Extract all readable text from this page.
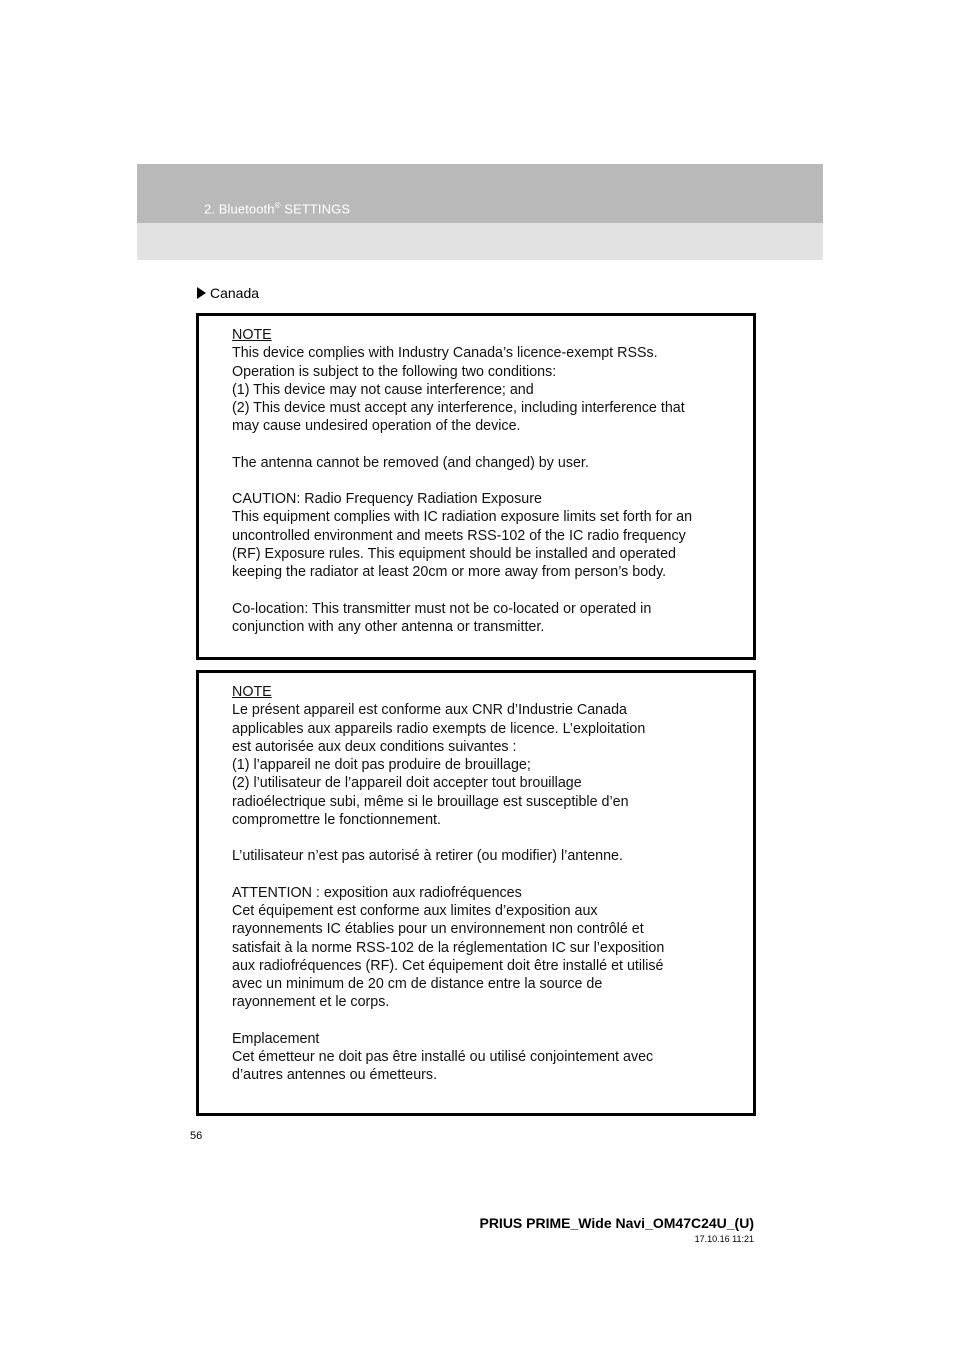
2. Bluetooth® SETTINGS
Canada

NOTE

This device complies with Industry Canada’s licence-exempt RSSs.
Operation is subject to the following two conditions:
(1) This device may not cause interference; and
(2) This device must accept any interference, including interference that
may cause undesired operation of the device.

The antenna cannot be removed (and changed) by user.

CAUTION: Radio Frequency Radiation Exposure
This equipment complies with IC radiation exposure limits set forth for an
uncontrolled environment and meets RSS-102 of the IC radio frequency
(RF) Exposure rules. This equipment should be installed and operated
keeping the radiator at least 20cm or more away from person’s body.

Co-location: This transmitter must not be co-located or operated in
conjunction with any other antenna or transmitter.

NOTE

Le présent appareil est conforme aux CNR d’Industrie Canada
applicables aux appareils radio exempts de licence. L’exploitation
est autorisée aux deux conditions suivantes :
(1) l’appareil ne doit pas produire de brouillage;
(2) l’utilisateur de l’appareil doit accepter tout brouillage
radioélectrique subi, même si le brouillage est susceptible d’en
compromettre le fonctionnement.

L’utilisateur n’est pas autorisé à retirer (ou modifier) l’antenne.

ATTENTION : exposition aux radiofréquences
Cet équipement est conforme aux limites d’exposition aux
rayonnements IC établies pour un environnement non contrôlé et
satisfait à la norme RSS-102 de la réglementation IC sur l’exposition
aux radiofréquences (RF). Cet équipement doit être installé et utilisé
avec un minimum de 20 cm de distance entre la source de
rayonnement et le corps.

Emplacement
Cet émetteur ne doit pas être installé ou utilisé conjointement avec
d’autres antennes ou émetteurs.

56
PRIUS PRIME_Wide Navi_OM47C24U_(U)
17.10.16 11:21
